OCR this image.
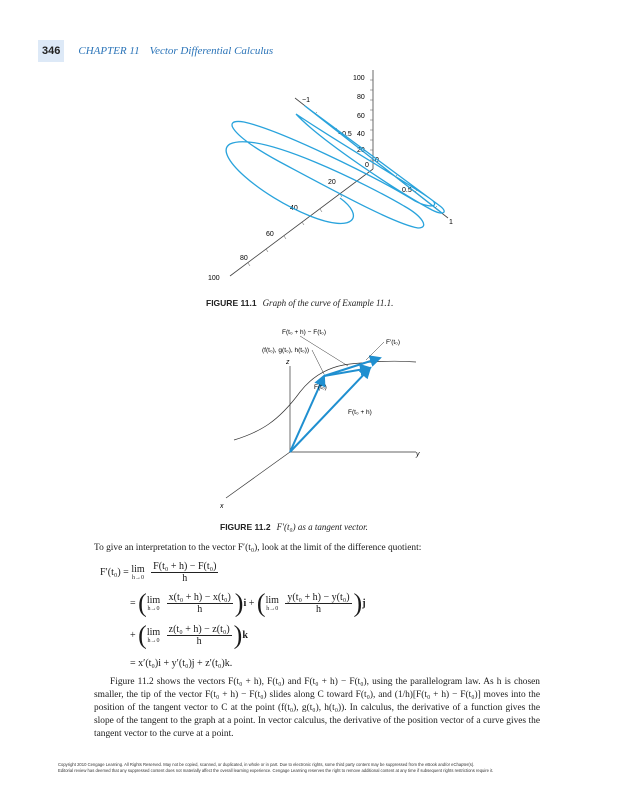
346	CHAPTER 11 Vector Differential Calculus
100
80
60
40
20
0
−1
−0.5
0
0.5
1
20
40
60
80
100
FIGURE 11.1 Graph of the curve of Example 11.1.
z
y
x
F(t₀ + h) − F(t₀)
(f(t₀), g(t₀), h(t₀))
F′(t₀)
F(t₀)
F(t₀ + h)
FIGURE 11.2 F′(t₀) as a tangent vector.
To give an interpretation to the vector F′(t₀), look at the limit of the difference quotient:
F′(t₀) = lim
h→0
$\frac{\text{F(t₀ + h) − F(t₀)}}{h}$
= ( lim
h→0
$\frac{\text{x(t₀ + h) − x(t₀)}}{h} )i$ + ( lim
h→0
$\frac{\text{y(t₀ + h) − y(t₀)}}{h} )j$
+ ( lim
h→0
$\frac{\text{z(t₀ + h) − z(t₀)}}{h} )k$
= x′(t₀)i + y′(t₀)j + z′(t₀)k.
Figure 11.2 shows the vectors F(t₀ + h), F(t₀) and F(t₀ + h) − F(t₀), using the parallelogram law. As h is chosen smaller, the tip of the vector F(t₀ + h) − F(t₀) slides along C toward F(t₀), and (1/h)[F(t₀ + h) − F(t₀)] moves into the position of the tangent vector to C at the point (f(t₀), g(t₀), h(t₀)). In calculus, the derivative of a function gives the slope of the tangent to the graph at a point. In vector calculus, the derivative of the position vector of a curve gives the tangent vector to the curve at a point.
Copyright 2010 Cengage Learning. All Rights Reserved. May not be copied, scanned, or duplicated, in whole or in part. Due to electronic rights, some third party content may be suppressed from the eBook and/or eChapter(s).
Editorial review has deemed that any suppressed content does not materially affect the overall learning experience. Cengage Learning reserves the right to remove additional content at any time if subsequent rights restrictions require it.
